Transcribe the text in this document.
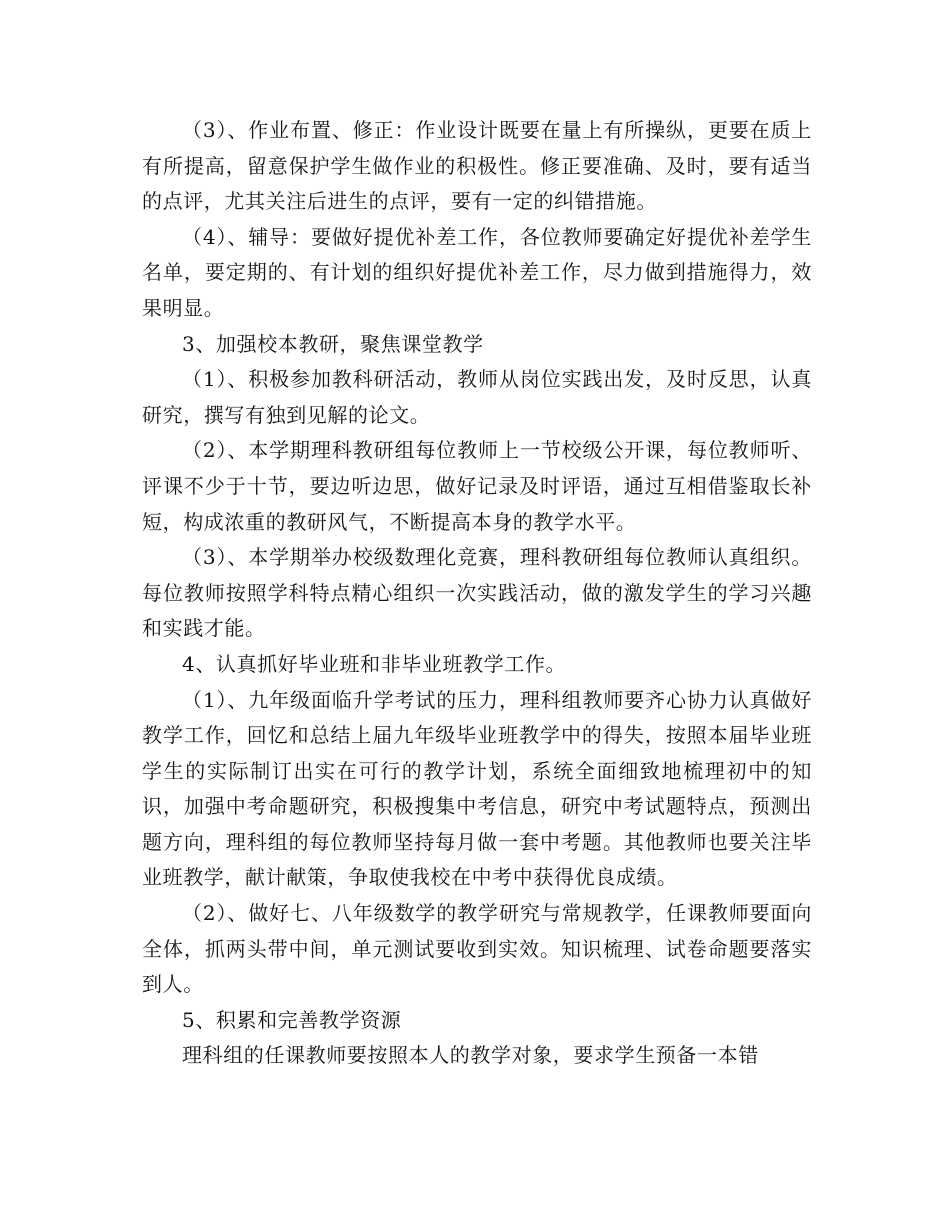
（3）、作业布置、修正：作业设计既要在量上有所操纵，更要在质上有所提高，留意保护学生做作业的积极性。修正要准确、及时，要有适当的点评，尤其关注后进生的点评，要有一定的纠错措施。

（4）、辅导：要做好提优补差工作，各位教师要确定好提优补差学生名单，要定期的、有计划的组织好提优补差工作，尽力做到措施得力，效果明显。

3、加强校本教研，聚焦课堂教学

（1）、积极参加教科研活动，教师从岗位实践出发，及时反思，认真研究，撰写有独到见解的论文。

（2）、本学期理科教研组每位教师上一节校级公开课，每位教师听、评课不少于十节，要边听边思，做好记录及时评语，通过互相借鉴取长补短，构成浓重的教研风气，不断提高本身的教学水平。

（3）、本学期举办校级数理化竞赛，理科教研组每位教师认真组织。每位教师按照学科特点精心组织一次实践活动，做的激发学生的学习兴趣和实践才能。

4、认真抓好毕业班和非毕业班教学工作。

（1）、九年级面临升学考试的压力，理科组教师要齐心协力认真做好教学工作，回忆和总结上届九年级毕业班教学中的得失，按照本届毕业班学生的实际制订出实在可行的教学计划，系统全面细致地梳理初中的知识，加强中考命题研究，积极搜集中考信息，研究中考试题特点，预测出题方向，理科组的每位教师坚持每月做一套中考题。其他教师也要关注毕业班教学，献计献策，争取使我校在中考中获得优良成绩。

（2）、做好七、八年级数学的教学研究与常规教学，任课教师要面向全体，抓两头带中间，单元测试要收到实效。知识梳理、试卷命题要落实到人。

5、积累和完善教学资源

理科组的任课教师要按照本人的教学对象，要求学生预备一本错
